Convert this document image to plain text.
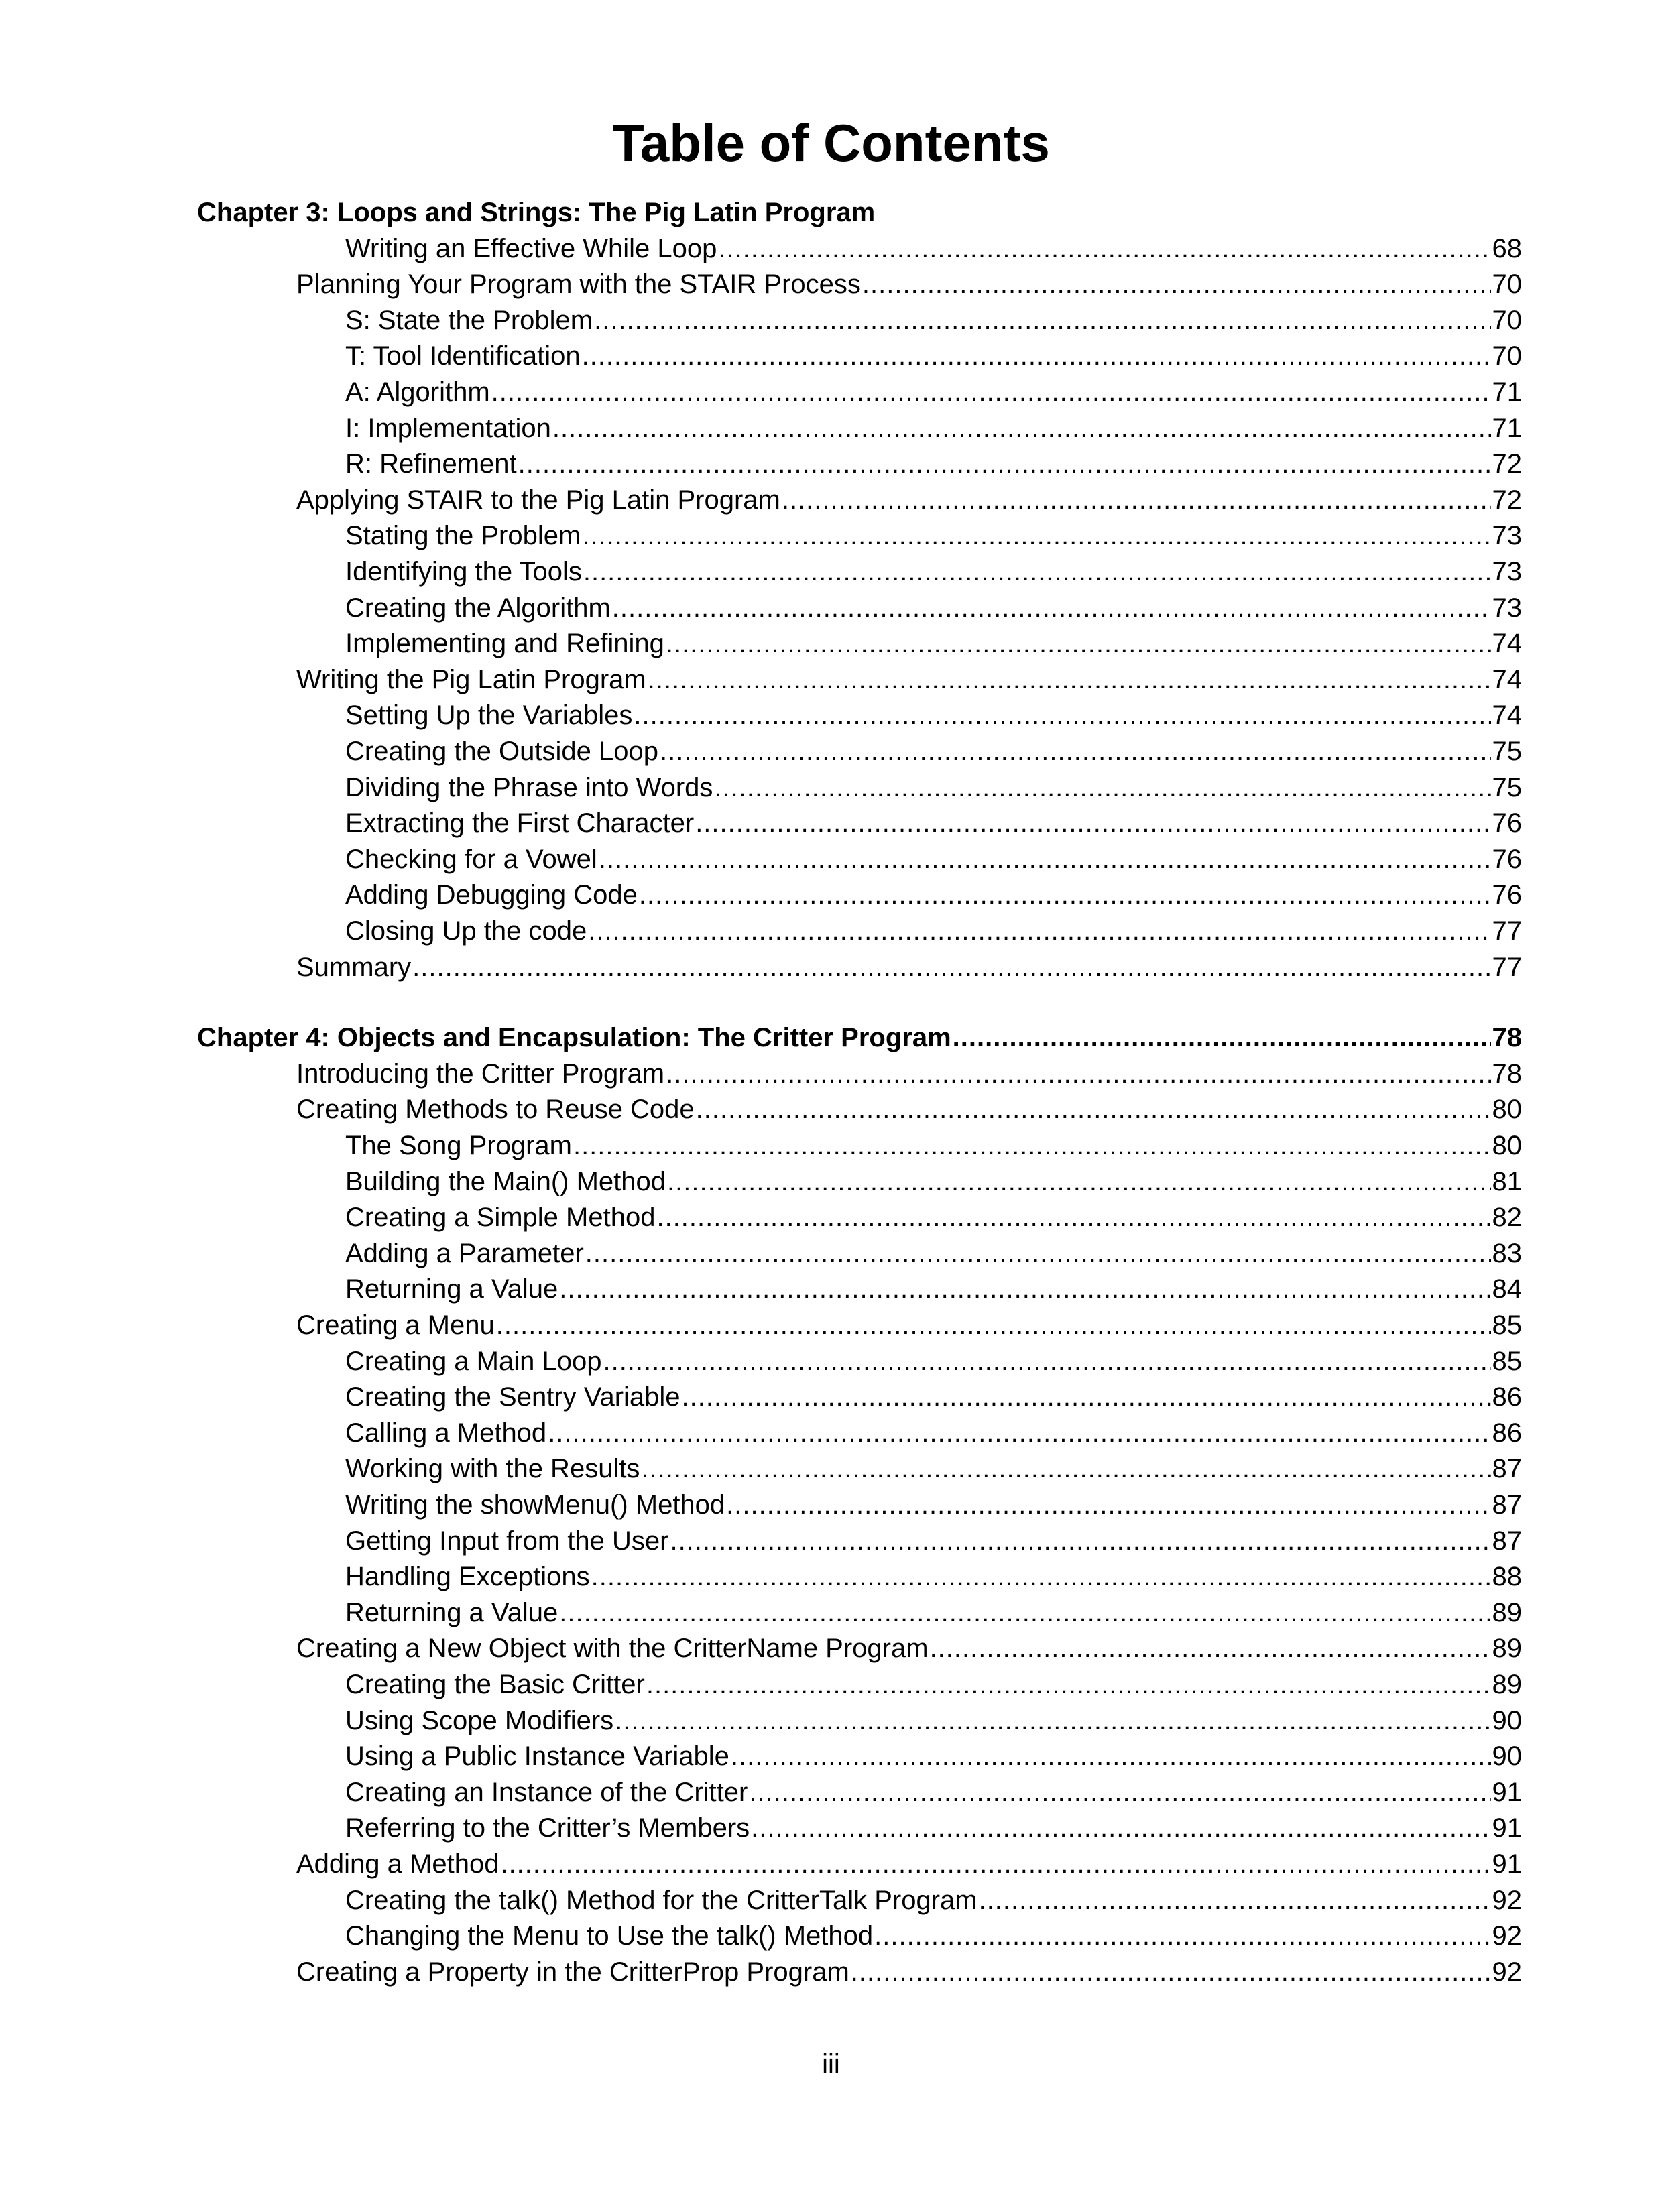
Table of Contents
Chapter 3: Loops and Strings: The Pig Latin Program
Writing an Effective While Loop .....	68
Planning Your Program with the STAIR Process .....	70
S: State the Problem .....	70
T: Tool Identification .....	70
A: Algorithm .....	71
I: Implementation .....	71
R: Refinement .....	72
Applying STAIR to the Pig Latin Program .....	72
Stating the Problem .....	73
Identifying the Tools .....	73
Creating the Algorithm .....	73
Implementing and Refining .....	74
Writing the Pig Latin Program .....	74
Setting Up the Variables .....	74
Creating the Outside Loop .....	75
Dividing the Phrase into Words .....	75
Extracting the First Character .....	76
Checking for a Vowel .....	76
Adding Debugging Code .....	76
Closing Up the code .....	77
Summary .....	77
Chapter 4: Objects and Encapsulation: The Critter Program .....	78
Introducing the Critter Program .....	78
Creating Methods to Reuse Code .....	80
The Song Program .....	80
Building the Main() Method .....	81
Creating a Simple Method .....	82
Adding a Parameter .....	83
Returning a Value .....	84
Creating a Menu .....	85
Creating a Main Loop .....	85
Creating the Sentry Variable .....	86
Calling a Method .....	86
Working with the Results .....	87
Writing the showMenu() Method .....	87
Getting Input from the User .....	87
Handling Exceptions .....	88
Returning a Value .....	89
Creating a New Object with the CritterName Program .....	89
Creating the Basic Critter .....	89
Using Scope Modifiers .....	90
Using a Public Instance Variable .....	90
Creating an Instance of the Critter .....	91
Referring to the Critter’s Members .....	91
Adding a Method .....	91
Creating the talk() Method for the CritterTalk Program .....	92
Changing the Menu to Use the talk() Method .....	92
Creating a Property in the CritterProp Program .....	92
iii
